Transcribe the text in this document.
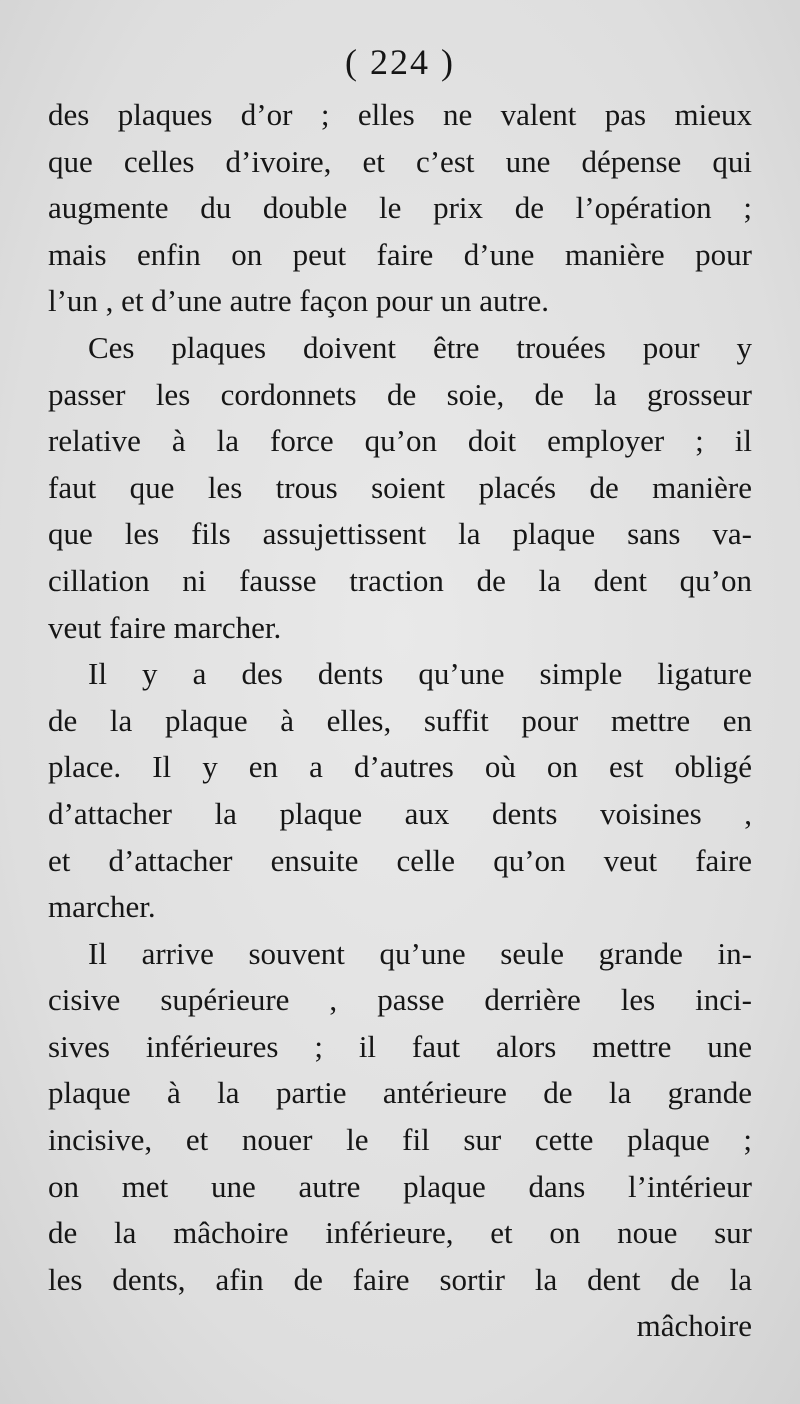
( 224 )
des plaques d’or ; elles ne valent pas mieux
que celles d’ivoire, et c’est une dépense qui
augmente du double le prix de l’opération ;
mais enfin on peut faire d’une manière pour
l’un , et d’une autre façon pour un autre.
Ces plaques doivent être trouées pour y
passer les cordonnets de soie, de la grosseur
relative à la force qu’on doit employer ; il
faut que les trous soient placés de manière
que les fils assujettissent la plaque sans va-
cillation ni fausse traction de la dent qu’on
veut faire marcher.
Il y a des dents qu’une simple ligature
de la plaque à elles, suffit pour mettre en
place. Il y en a d’autres où on est obligé
d’attacher la plaque aux dents voisines ,
et d’attacher ensuite celle qu’on veut faire
marcher.
Il arrive souvent qu’une seule grande in-
cisive supérieure , passe derrière les inci-
sives inférieures ; il faut alors mettre une
plaque à la partie antérieure de la grande
incisive, et nouer le fil sur cette plaque ;
on met une autre plaque dans l’intérieur
de la mâchoire inférieure, et on noue sur
les dents, afin de faire sortir la dent de la
mâchoire
